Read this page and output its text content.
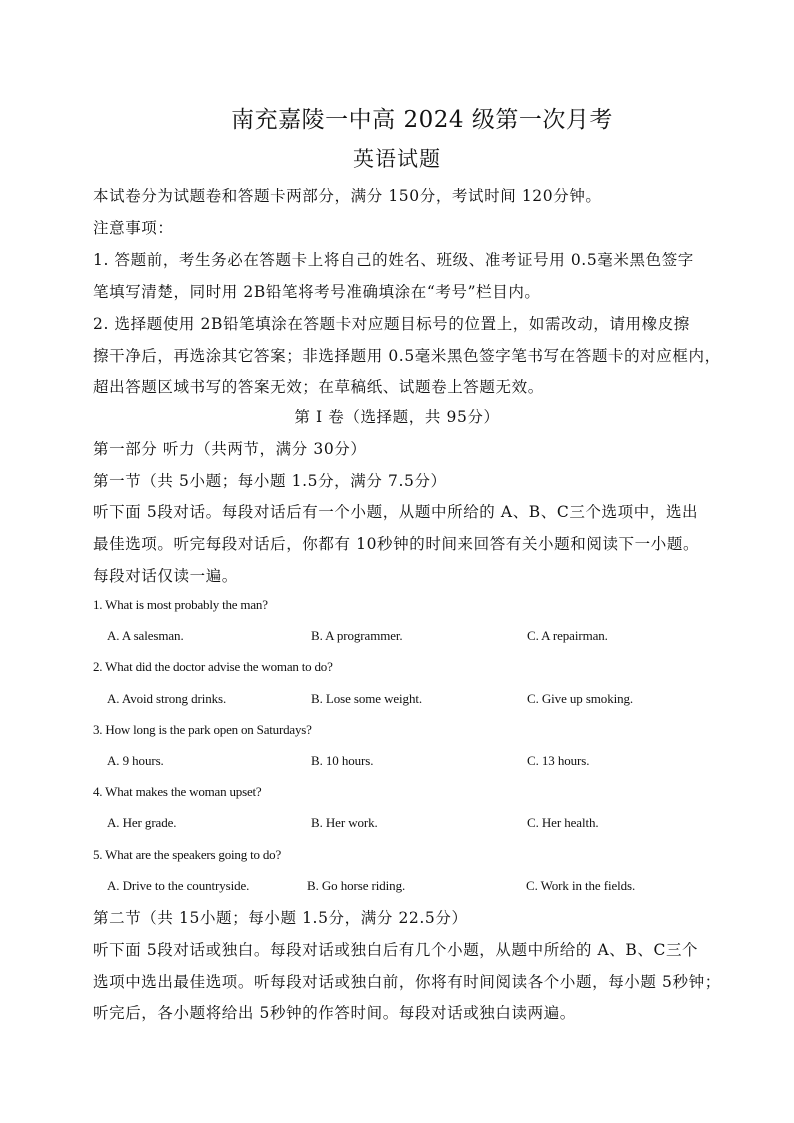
南充嘉陵一中高 2024 级第一次月考
英语试题
本试卷分为试题卷和答题卡两部分，满分 150分，考试时间 120分钟。
注意事项：
1. 答题前，考生务必在答题卡上将自己的姓名、班级、准考证号用 0.5毫米黑色签字
笔填写清楚，同时用 2B铅笔将考号准确填涂在“考号”栏目内。
2. 选择题使用 2B铅笔填涂在答题卡对应题目标号的位置上，如需改动，请用橡皮擦
擦干净后，再选涂其它答案；非选择题用 0.5毫米黑色签字笔书写在答题卡的对应框内，
超出答题区域书写的答案无效；在草稿纸、试题卷上答题无效。
第 I 卷（选择题，共 95分）
第一部分 听力（共两节，满分 30分）
第一节（共 5小题；每小题 1.5分，满分 7.5分）
听下面 5段对话。每段对话后有一个小题，从题中所给的 A、B、C三个选项中，选出
最佳选项。听完每段对话后，你都有 10秒钟的时间来回答有关小题和阅读下一小题。
每段对话仅读一遍。
1. What is most probably the man?
A. A salesman.	B. A programmer.	C. A repairman.
2. What did the doctor advise the woman to do?
A. Avoid strong drinks.	B. Lose some weight.	C. Give up smoking.
3. How long is the park open on Saturdays?
A. 9 hours.	B. 10 hours.	C. 13 hours.
4. What makes the woman upset?
A. Her grade.	B. Her work.	C. Her health.
5. What are the speakers going to do?
A. Drive to the countryside.	B. Go horse riding.	C. Work in the fields.
第二节（共 15小题；每小题 1.5分，满分 22.5分）
听下面 5段对话或独白。每段对话或独白后有几个小题，从题中所给的 A、B、C三个
选项中选出最佳选项。听每段对话或独白前，你将有时间阅读各个小题，每小题 5秒钟；
听完后，各小题将给出 5秒钟的作答时间。每段对话或独白读两遍。
